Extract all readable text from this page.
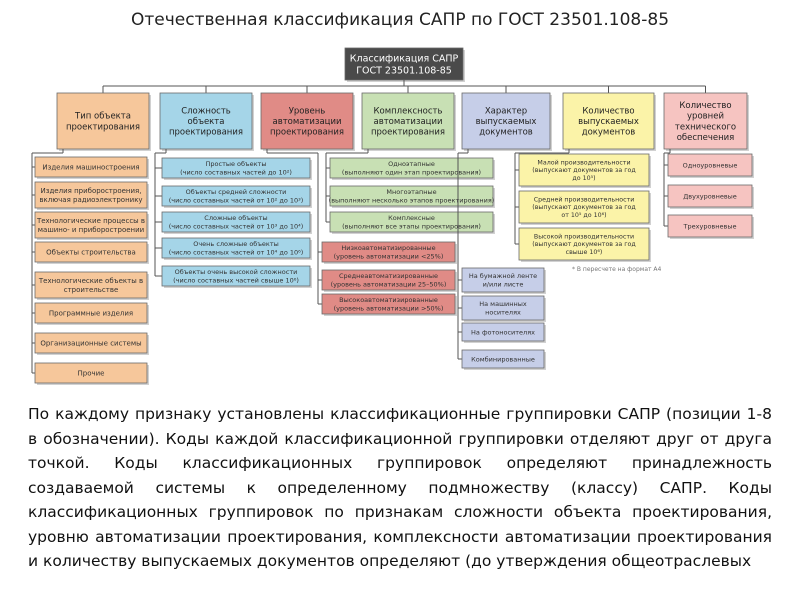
Отечественная классификация САПР по ГОСТ 23501.108-85
Классификация САПР ГОСТ 23501.108-85
Тип объекта проектирования
Сложность объекта проектирования
Уровень автоматизации проектирования
Комплексность автоматизации проектирования
Характер выпускаемых документов
Количество выпускаемых документов
Количество уровней технического обеспечения
Изделия машиностроения
Изделия приборостроения, включая радиоэлектронику
Технологические процессы в машино- и приборостроении
Объекты строительства
Технологические объекты в строительстве
Программные изделия
Организационные системы
Прочие
Простые объекты (число составных частей до 10²)
Объекты средней сложности (число составных частей от 10² до 10³)
Сложные объекты (число составных частей от 10³ до 10⁴)
Очень сложные объекты (число составных частей от 10⁴ до 10⁶)
Объекты очень высокой сложности (число составных частей свыше 10⁶)
Низкоавтоматизированные (уровень автоматизации <25%)
Среднеавтоматизированные (уровень автоматизации 25–50%)
Высокоавтоматизированные (уровень автоматизации >50%)
Одноэтапные (выполняют один этап проектирования)
Многоэтапные (выполняют несколько этапов проектирования)
Комплексные (выполняют все этапы проектирования)
На бумажной ленте и/или листе
На машинных носителях
На фотоносителях
Комбинированные
Малой производительности (выпускают документов за год до 10⁵)
Средней производительности (выпускают документов за год от 10⁵ до 10⁶)
Высокой производительности (выпускают документов за год свыше 10⁶)
Одноуровневые
Двухуровневые
Трехуровневые
* В пересчете на формат А4
По каждому признаку установлены классификационные группировки САПР (позиции 1-8 в обозначении). Коды каждой классификационной группировки отделяют друг от друга точкой. Коды классификационных группировок определяют принадлежность создаваемой системы к определенному подмножеству (классу) САПР. Коды классификационных группировок по признакам сложности объекта проектирования, уровню автоматизации проектирования, комплексности автоматизации проектирования и количеству выпускаемых документов определяют (до утверждения общеотраслевых
